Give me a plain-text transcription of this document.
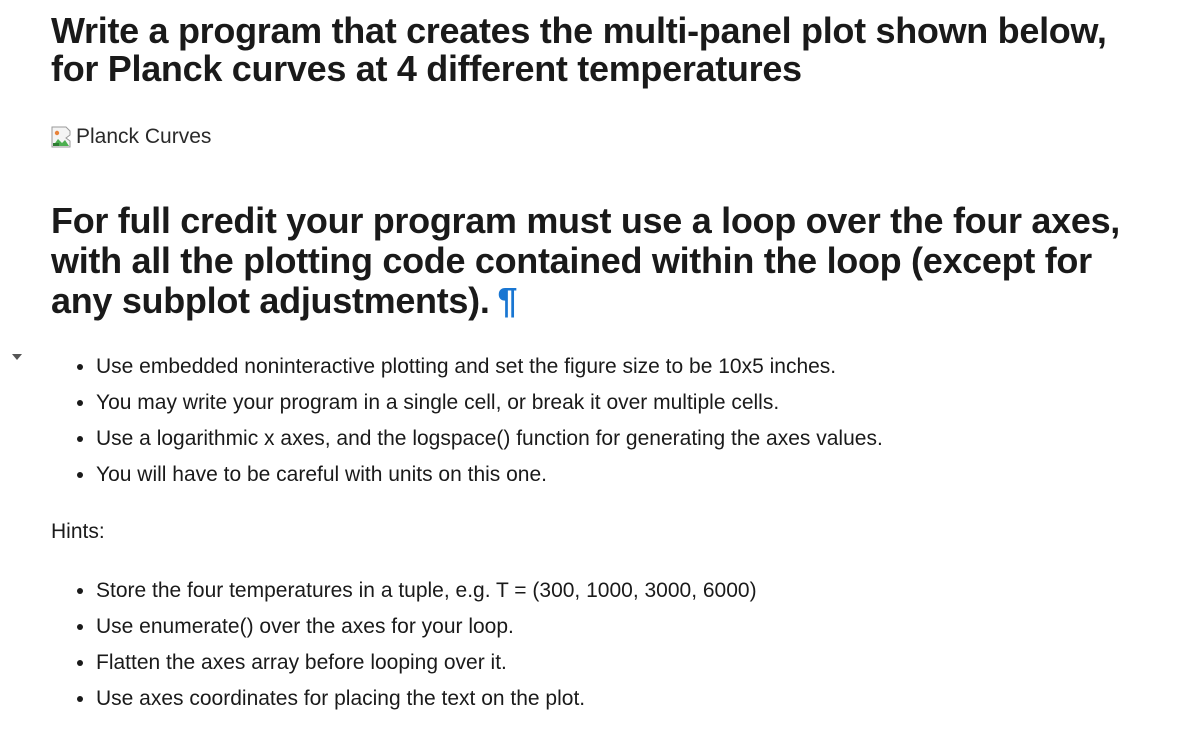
Write a program that creates the multi-panel plot shown below,
for Planck curves at 4 different temperatures
Planck Curves
For full credit your program must use a loop over the four axes,
with all the plotting code contained within the loop (except for
any subplot adjustments). ¶
• Use embedded noninteractive plotting and set the figure size to be 10x5 inches.
• You may write your program in a single cell, or break it over multiple cells.
• Use a logarithmic x axes, and the logspace() function for generating the axes values.
• You will have to be careful with units on this one.
Hints:
• Store the four temperatures in a tuple, e.g. T = (300, 1000, 3000, 6000)
• Use enumerate() over the axes for your loop.
• Flatten the axes array before looping over it.
• Use axes coordinates for placing the text on the plot.
